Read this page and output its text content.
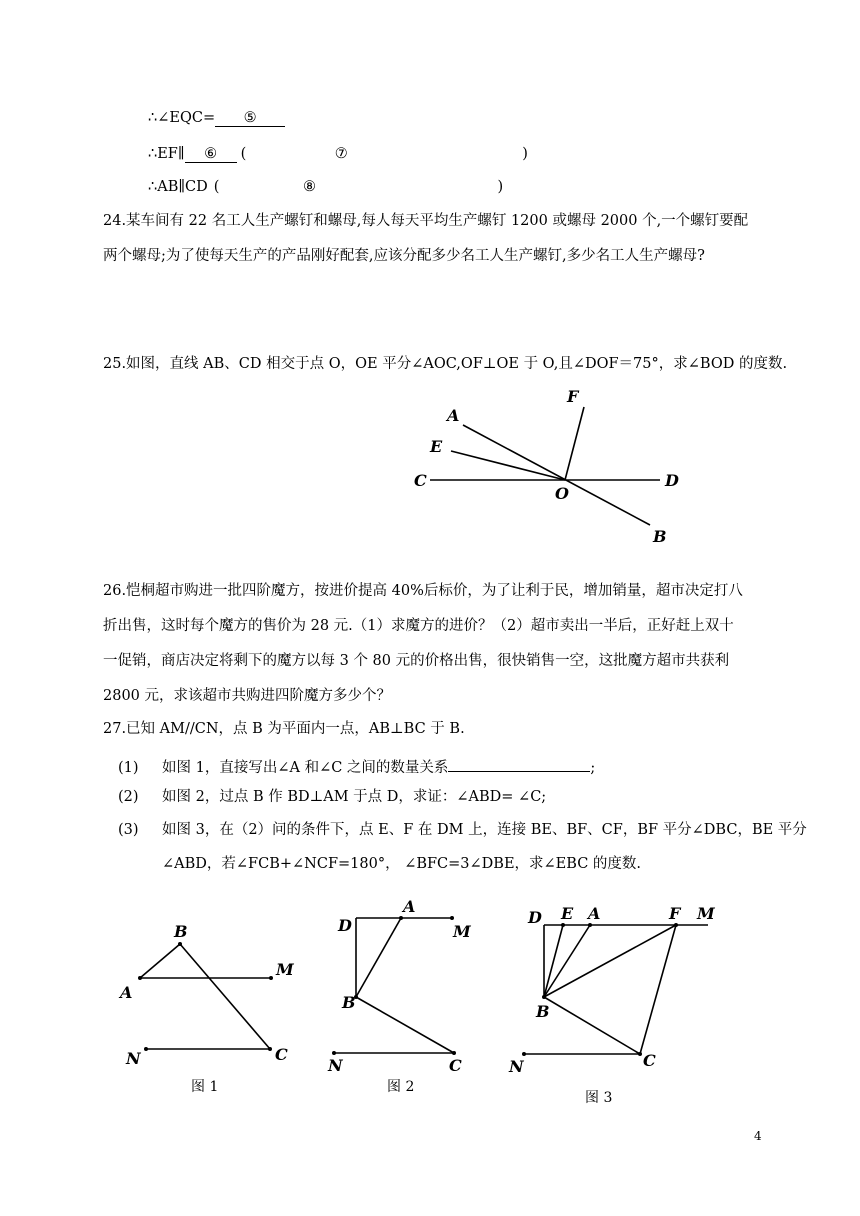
∴∠EQC= ⑤
∴EF∥ ⑥ (	⑦	)
∴AB∥CD (	⑧	)
24.某车间有 22 名工人生产螺钉和螺母,每人每天平均生产螺钉 1200 或螺母 2000 个,一个螺钉要配
两个螺母;为了使每天生产的产品刚好配套,应该分配多少名工人生产螺钉,多少名工人生产螺母?
25.如图，直线 AB、CD 相交于点 O，OE 平分∠AOC,OF⊥OE 于 O,且∠DOF＝75°，求∠BOD 的度数.
A
E
C
F
D
O
B
B
A
M
N	C
D
A
M
B
N	C
D E A	F M
B
N	C
26.恺桐超市购进一批四阶魔方，按进价提高 40%后标价，为了让利于民，增加销量，超市决定打八
折出售，这时每个魔方的售价为 28 元.（1）求魔方的进价？（2）超市卖出一半后，正好赶上双十
一促销，商店决定将剩下的魔方以每 3 个 80 元的价格出售，很快销售一空，这批魔方超市共获利
2800 元，求该超市共购进四阶魔方多少个？
27.已知 AM//CN，点 B 为平面内一点，AB⊥BC 于 B.
(1) 如图 1，直接写出∠A 和∠C 之间的数量关系	;
(2) 如图 2，过点 B 作 BD⊥AM 于点 D，求证：∠ABD= ∠C;
(3) 如图 3，在（2）问的条件下，点 E、F 在 DM 上，连接 BE、BF、CF，BF 平分∠DBC，BE 平分
∠ABD，若∠FCB+∠NCF=180°， ∠BFC=3∠DBE，求∠EBC 的度数.
图 1	图 2
图 3
4
